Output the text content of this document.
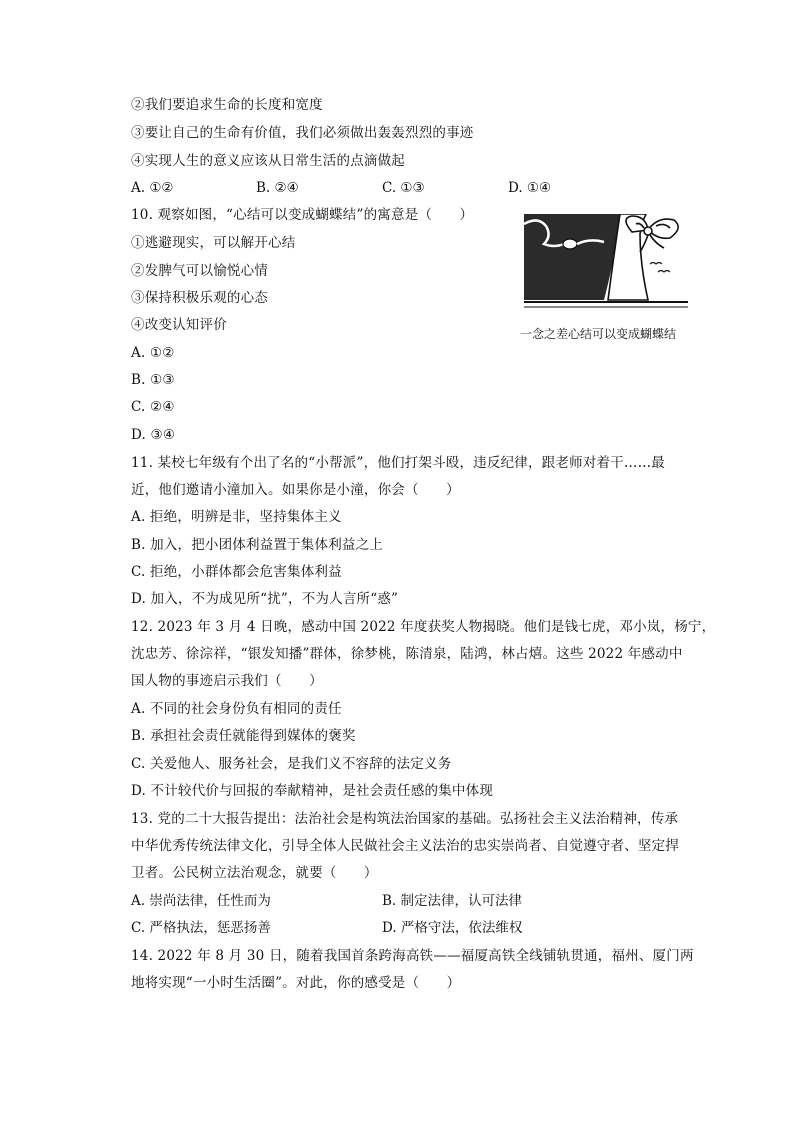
②我们要追求生命的长度和宽度
③要让自己的生命有价值，我们必须做出轰轰烈烈的事迹
④实现人生的意义应该从日常生活的点滴做起
A. ①②	B. ②④	C. ①③	D. ①④
10. 观察如图，“心结可以变成蝴蝶结”的寓意是（　　）
①逃避现实，可以解开心结
②发脾气可以愉悦心情
③保持积极乐观的心态
④改变认知评价
A. ①②
B. ①③
C. ②④
D. ③④
一念之差心结可以变成蝴蝶结
11. 某校七年级有个出了名的“小帮派”，他们打架斗殴，违反纪律，跟老师对着干……最
近，他们邀请小潼加入。如果你是小潼，你会（　　）
A. 拒绝，明辨是非，坚持集体主义
B. 加入，把小团体利益置于集体利益之上
C. 拒绝，小群体都会危害集体利益
D. 加入，不为成见所“扰”，不为人言所“惑”
12. 2023 年 3 月 4 日晚，感动中国 2022 年度获奖人物揭晓。他们是钱七虎，邓小岚，杨宁，
沈忠芳、徐淙祥，“银发知播”群体，徐梦桃，陈清泉，陆鸿，林占熺。这些 2022 年感动中
国人物的事迹启示我们（　　）
A. 不同的社会身份负有相同的责任
B. 承担社会责任就能得到媒体的褒奖
C. 关爱他人、服务社会，是我们义不容辞的法定义务
D. 不计较代价与回报的奉献精神，是社会责任感的集中体现
13. 党的二十大报告提出：法治社会是构筑法治国家的基础。弘扬社会主义法治精神，传承
中华优秀传统法律文化，引导全体人民做社会主义法治的忠实崇尚者、自觉遵守者、坚定捍
卫者。公民树立法治观念，就要（　　）
A. 崇尚法律，任性而为	B. 制定法律，认可法律
C. 严格执法，惩恶扬善	D. 严格守法，依法维权
14. 2022 年 8 月 30 日，随着我国首条跨海高铁——福厦高铁全线铺轨贯通，福州、厦门两
地将实现“一小时生活圈”。对此，你的感受是（　　）
